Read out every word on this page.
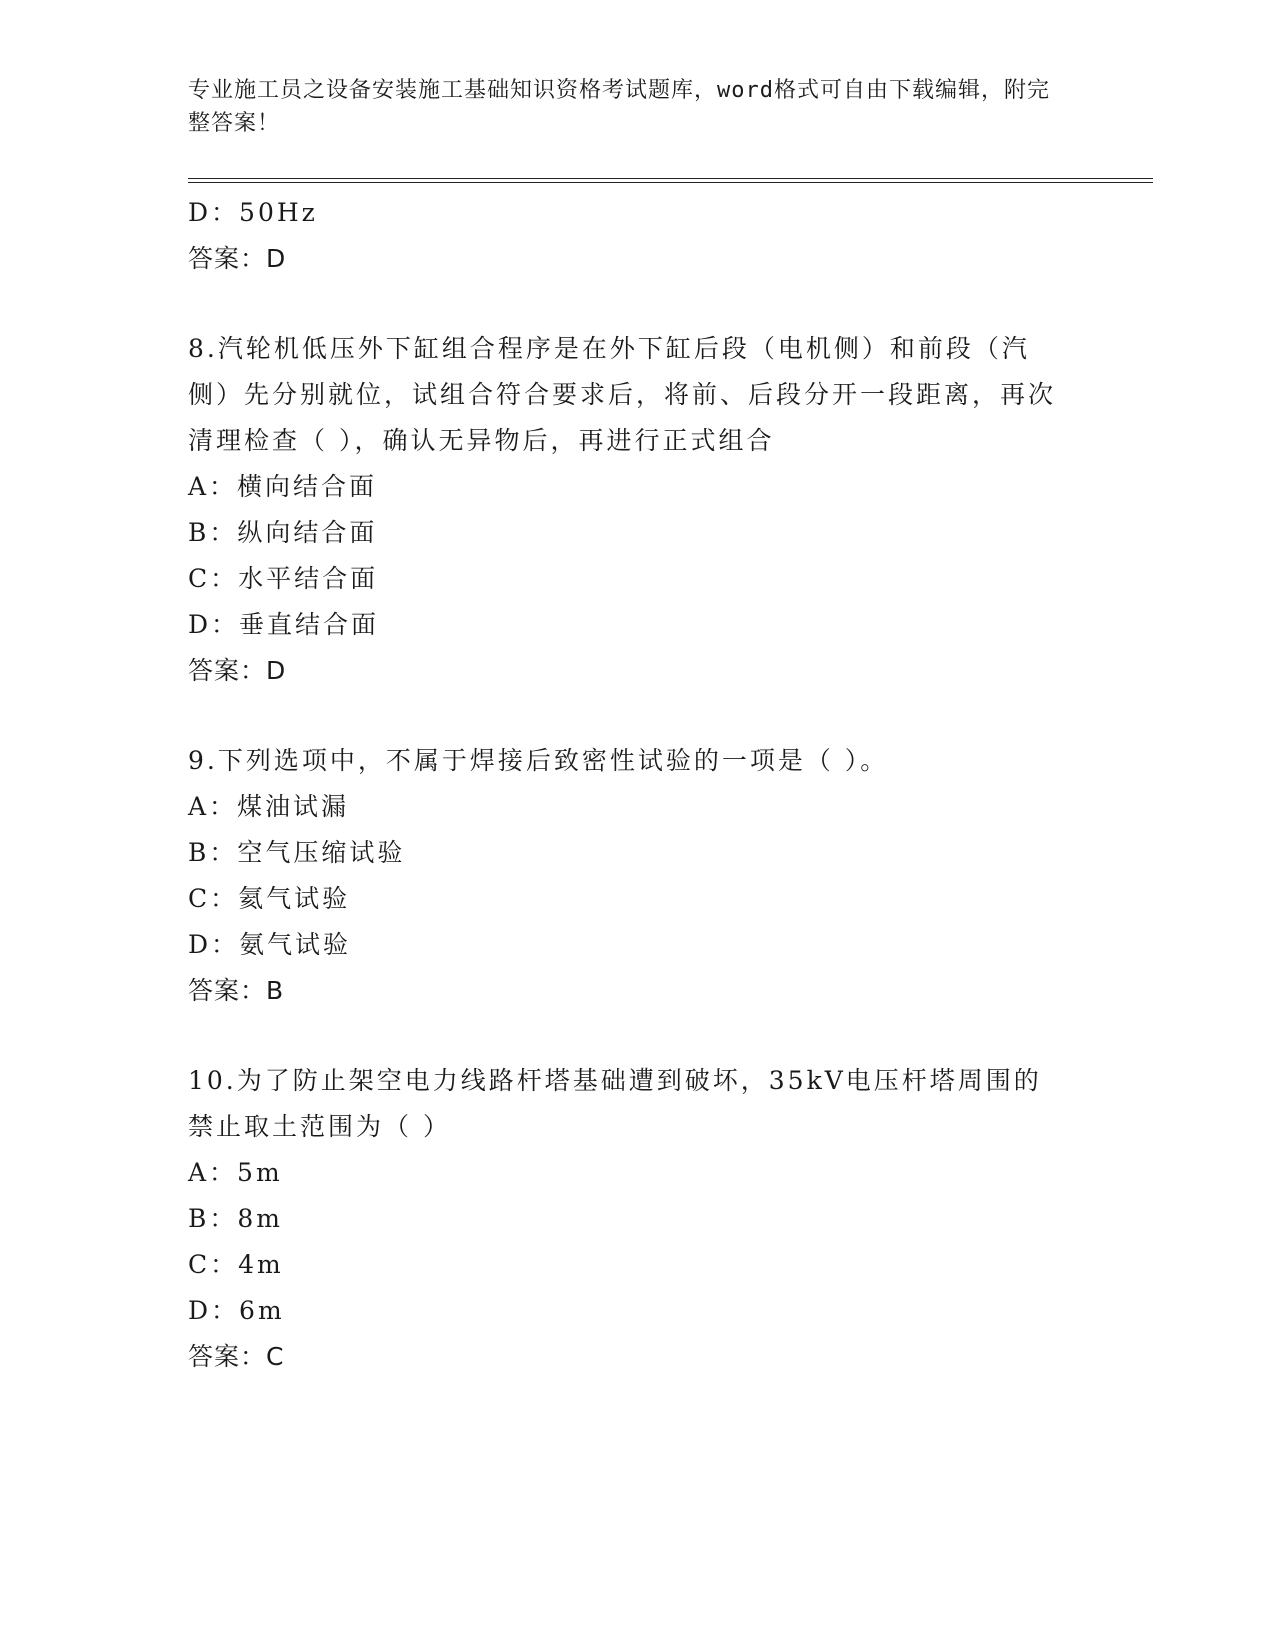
专业施工员之设备安装施工基础知识资格考试题库，word格式可自由下载编辑，附完整答案！
D：50Hz
答案：D
8.汽轮机低压外下缸组合程序是在外下缸后段（电机侧）和前段（汽侧）先分别就位，试组合符合要求后，将前、后段分开一段距离，再次清理检查（ ），确认无异物后，再进行正式组合
A：横向结合面
B：纵向结合面
C：水平结合面
D：垂直结合面
答案：D
9.下列选项中，不属于焊接后致密性试验的一项是（ ）。
A：煤油试漏
B：空气压缩试验
C：氦气试验
D：氨气试验
答案：B
10.为了防止架空电力线路杆塔基础遭到破坏，35kV电压杆塔周围的禁止取土范围为（ ）
A：5m
B：8m
C：4m
D：6m
答案：C
